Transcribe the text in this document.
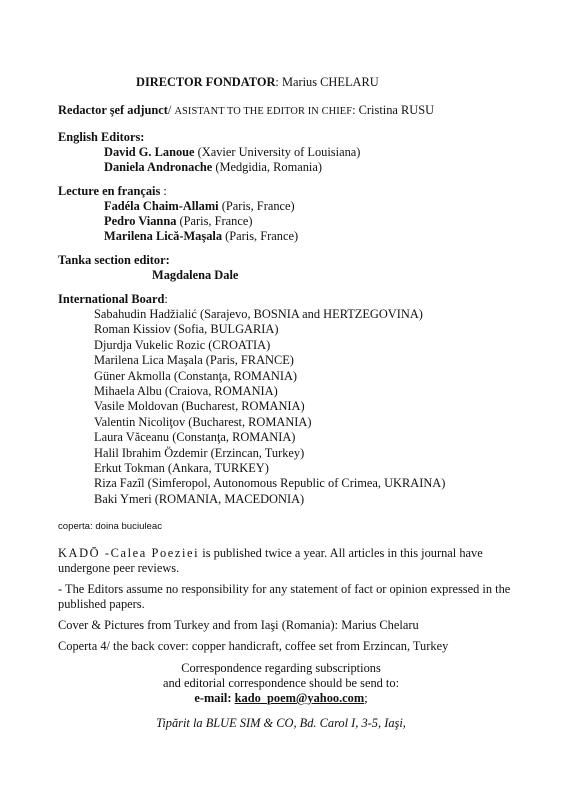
DIRECTOR FONDATOR: Marius CHELARU
Redactor şef adjunct/ ASISTANT TO THE EDITOR IN CHIEF: Cristina RUSU
English Editors:
David G. Lanoue (Xavier University of Louisiana)
Daniela Andronache (Medgidia, Romania)
Lecture en français :
Fadéla Chaim-Allami (Paris, France)
Pedro Vianna (Paris, France)
Marilena Lică-Maşala (Paris, France)
Tanka section editor:
Magdalena Dale
International Board:
Sabahudin Hadžialić (Sarajevo, BOSNIA and HERTZEGOVINA)
Roman Kissiov (Sofia, BULGARIA)
Djurdja Vukelic Rozic (CROATIA)
Marilena Lica Maşala (Paris, FRANCE)
Güner Akmolla (Constanţa, ROMANIA)
Mihaela Albu (Craiova, ROMANIA)
Vasile Moldovan (Bucharest, ROMANIA)
Valentin Nicoliţov (Bucharest, ROMANIA)
Laura Văceanu (Constanţa, ROMANIA)
Halil Ibrahim Özdemir (Erzincan, Turkey)
Erkut Tokman (Ankara, TURKEY)
Riza Fazîl (Simferopol, Autonomous Republic of Crimea, UKRAINA)
Baki Ymeri (ROMANIA, MACEDONIA)
coperta: doina buciuleac
KADŌ -Calea Poeziei is published twice a year. All articles in this journal have undergone peer reviews.
- The Editors assume no responsibility for any statement of fact or opinion expressed in the published papers.
Cover & Pictures from Turkey and from Iaşi (Romania): Marius Chelaru
Coperta 4/ the back cover: copper handicraft, coffee set from Erzincan, Turkey
Correspondence regarding subscriptions
and editorial correspondence should be send to:
e-mail: kado_poem@yahoo.com;
Tipărit la BLUE SIM & CO, Bd. Carol I, 3-5, Iaşi,
